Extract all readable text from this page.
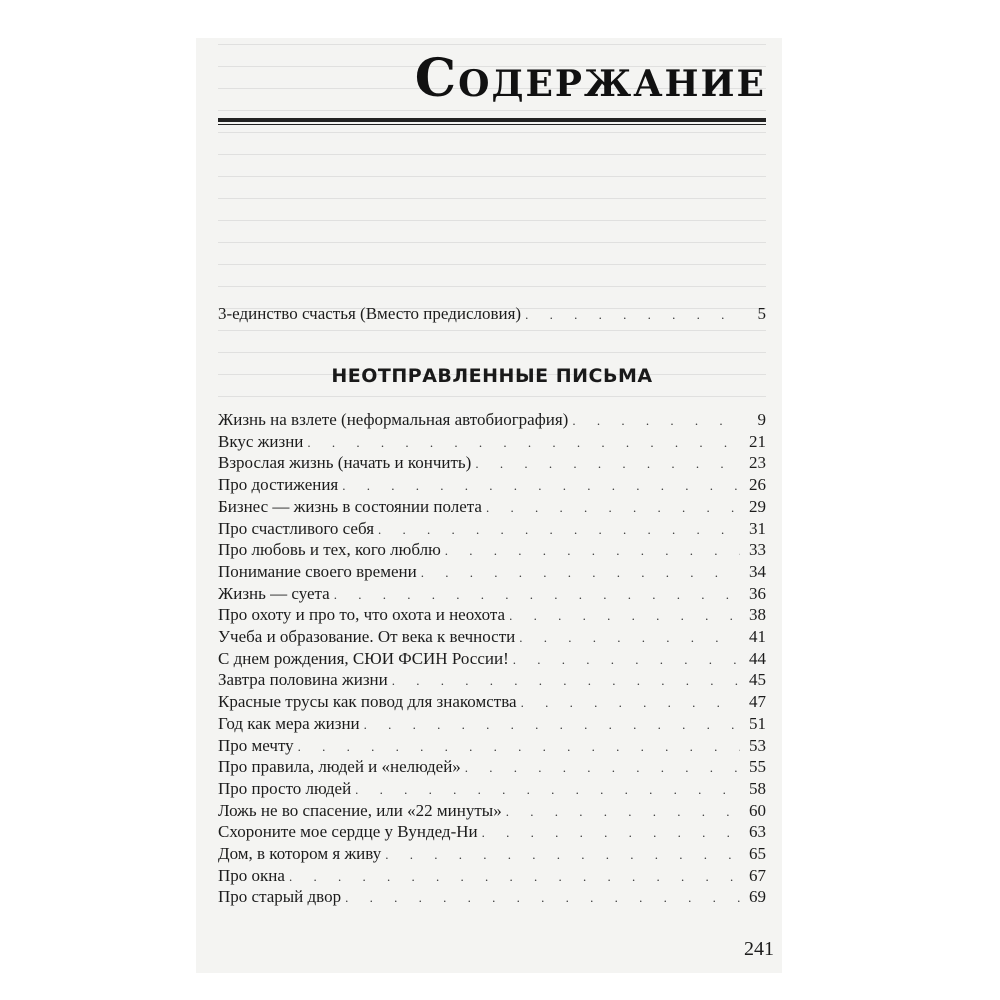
Содержание
3-единство счастья (Вместо предисловия) . . .	5
НЕОТПРАВЛЕННЫЕ ПИСЬМА
Жизнь на взлете (неформальная автобиография) . . .	9
Вкус жизни . . .	21
Взрослая жизнь (начать и кончить) . . .	23
Про достижения . . .	26
Бизнес — жизнь в состоянии полета . . .	29
Про счастливого себя . . .	31
Про любовь и тех, кого люблю . . .	33
Понимание своего времени . . .	34
Жизнь — суета . . .	36
Про охоту и про то, что охота и неохота . . .	38
Учеба и образование. От века к вечности . . .	41
С днем рождения, СЮИ ФСИН России! . . .	44
Завтра половина жизни . . .	45
Красные трусы как повод для знакомства . . .	47
Год как мера жизни . . .	51
Про мечту . . .	53
Про правила, людей и «нелюдей» . . .	55
Про просто людей . . .	58
Ложь не во спасение, или «22 минуты» . . .	60
Схороните мое сердце у Вундед-Ни . . .	63
Дом, в котором я живу . . .	65
Про окна . . .	67
Про старый двор . . .	69
241
